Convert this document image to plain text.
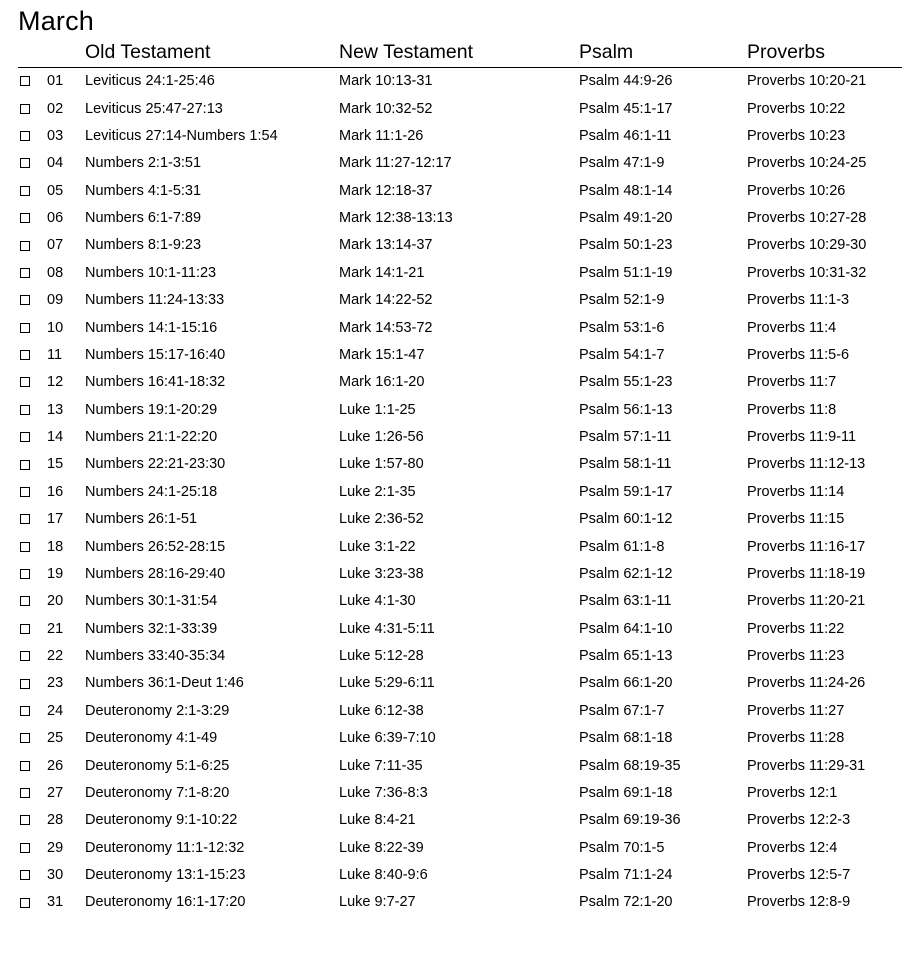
March
		Old Testament	New Testament	Psalm	Proverbs
	01	Leviticus 24:1-25:46	Mark 10:13-31	Psalm 44:9-26	Proverbs 10:20-21
	02	Leviticus 25:47-27:13	Mark 10:32-52	Psalm 45:1-17	Proverbs 10:22
	03	Leviticus 27:14-Numbers 1:54	Mark 11:1-26	Psalm 46:1-11	Proverbs 10:23
	04	Numbers 2:1-3:51	Mark 11:27-12:17	Psalm 47:1-9	Proverbs 10:24-25
	05	Numbers 4:1-5:31	Mark 12:18-37	Psalm 48:1-14	Proverbs 10:26
	06	Numbers 6:1-7:89	Mark 12:38-13:13	Psalm 49:1-20	Proverbs 10:27-28
	07	Numbers 8:1-9:23	Mark 13:14-37	Psalm 50:1-23	Proverbs 10:29-30
	08	Numbers 10:1-11:23	Mark 14:1-21	Psalm 51:1-19	Proverbs 10:31-32
	09	Numbers 11:24-13:33	Mark 14:22-52	Psalm 52:1-9	Proverbs 11:1-3
	10	Numbers 14:1-15:16	Mark 14:53-72	Psalm 53:1-6	Proverbs 11:4
	11	Numbers 15:17-16:40	Mark 15:1-47	Psalm 54:1-7	Proverbs 11:5-6
	12	Numbers 16:41-18:32	Mark 16:1-20	Psalm 55:1-23	Proverbs 11:7
	13	Numbers 19:1-20:29	Luke 1:1-25	Psalm 56:1-13	Proverbs 11:8
	14	Numbers 21:1-22:20	Luke 1:26-56	Psalm 57:1-11	Proverbs 11:9-11
	15	Numbers 22:21-23:30	Luke 1:57-80	Psalm 58:1-11	Proverbs 11:12-13
	16	Numbers 24:1-25:18	Luke 2:1-35	Psalm 59:1-17	Proverbs 11:14
	17	Numbers 26:1-51	Luke 2:36-52	Psalm 60:1-12	Proverbs 11:15
	18	Numbers 26:52-28:15	Luke 3:1-22	Psalm 61:1-8	Proverbs 11:16-17
	19	Numbers 28:16-29:40	Luke 3:23-38	Psalm 62:1-12	Proverbs 11:18-19
	20	Numbers 30:1-31:54	Luke 4:1-30	Psalm 63:1-11	Proverbs 11:20-21
	21	Numbers 32:1-33:39	Luke 4:31-5:11	Psalm 64:1-10	Proverbs 11:22
	22	Numbers 33:40-35:34	Luke 5:12-28	Psalm 65:1-13	Proverbs 11:23
	23	Numbers 36:1-Deut 1:46	Luke 5:29-6:11	Psalm 66:1-20	Proverbs 11:24-26
	24	Deuteronomy 2:1-3:29	Luke 6:12-38	Psalm 67:1-7	Proverbs 11:27
	25	Deuteronomy 4:1-49	Luke 6:39-7:10	Psalm 68:1-18	Proverbs 11:28
	26	Deuteronomy 5:1-6:25	Luke 7:11-35	Psalm 68:19-35	Proverbs 11:29-31
	27	Deuteronomy 7:1-8:20	Luke 7:36-8:3	Psalm 69:1-18	Proverbs 12:1
	28	Deuteronomy 9:1-10:22	Luke 8:4-21	Psalm 69:19-36	Proverbs 12:2-3
	29	Deuteronomy 11:1-12:32	Luke 8:22-39	Psalm 70:1-5	Proverbs 12:4
	30	Deuteronomy 13:1-15:23	Luke 8:40-9:6	Psalm 71:1-24	Proverbs 12:5-7
	31	Deuteronomy 16:1-17:20	Luke 9:7-27	Psalm 72:1-20	Proverbs 12:8-9
